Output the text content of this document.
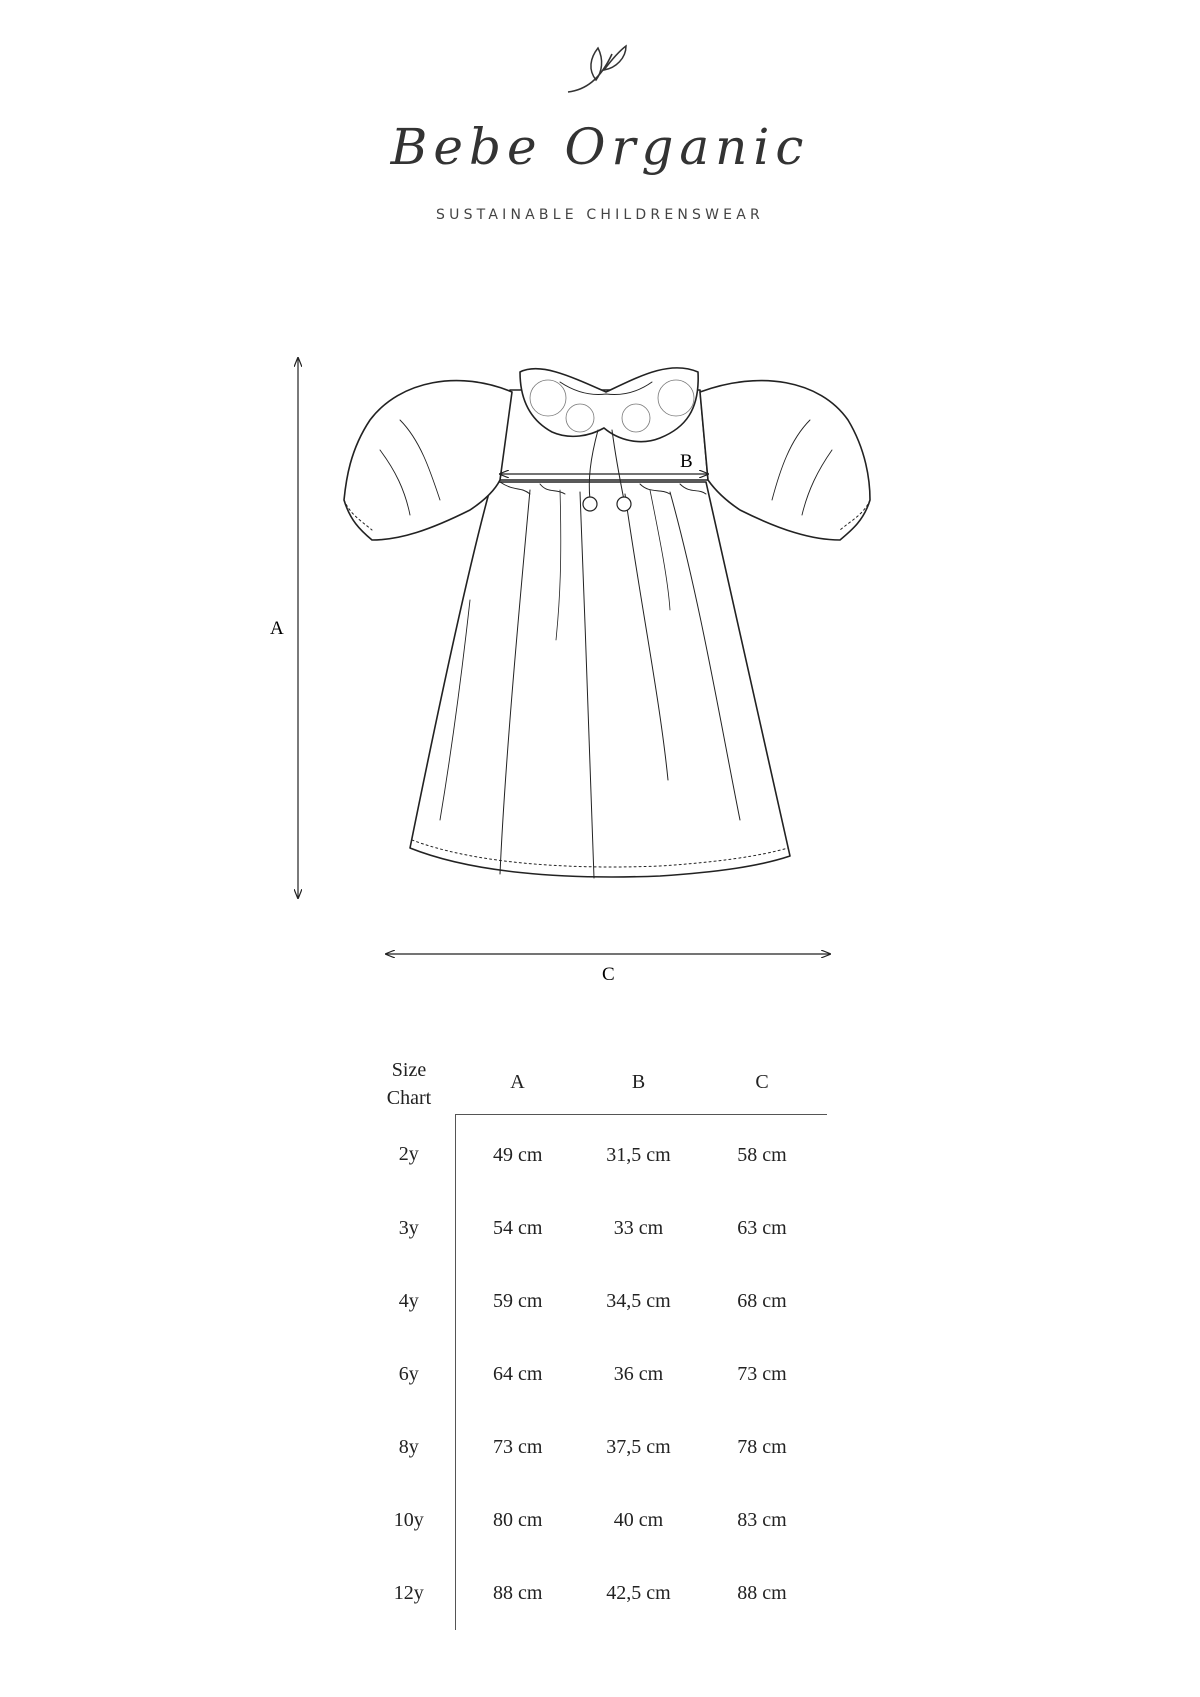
Bebe Organic
SUSTAINABLE CHILDRENSWEAR
A
B
C
Size
Chart	A	B	C
2y	49 cm	31,5 cm	58 cm
3y	54 cm	33 cm	63 cm
4y	59 cm	34,5 cm	68 cm
6y	64 cm	36 cm	73 cm
8y	73 cm	37,5 cm	78 cm
10y	80 cm	40 cm	83 cm
12y	88 cm	42,5 cm	88 cm
